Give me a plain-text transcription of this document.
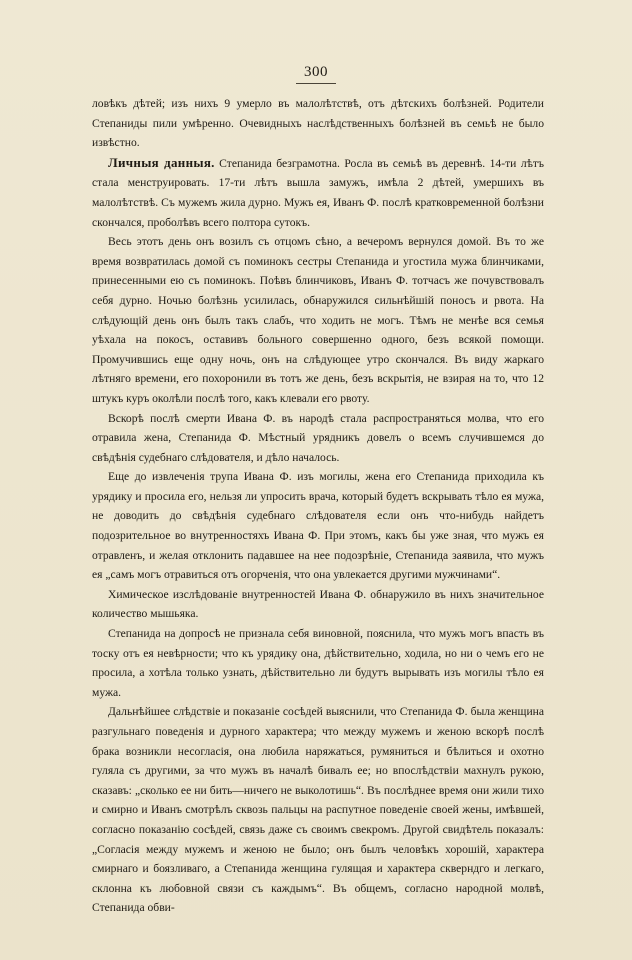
300

ловѣкъ дѣтей; изъ нихъ 9 умерло въ малолѣтствѣ, отъ дѣтскихъ болѣзней. Родители Степаниды пили умѣренно. Очевидныхъ наслѣдственныхъ болѣзней въ семьѣ не было извѣстно.

Личныя данныя. Степанида безграмотна. Росла въ семьѣ въ деревнѣ. 14-ти лѣтъ стала менструировать. 17-ти лѣтъ вышла замужъ, имѣла 2 дѣтей, умершихъ въ малолѣтствѣ. Съ мужемъ жила дурно. Мужъ ея, Иванъ Ф. послѣ кратковременной болѣзни скончался, проболѣвъ всего полтора сутокъ.

Весь этотъ день онъ возилъ съ отцомъ сѣно, а вечеромъ вернулся домой. Въ то же время возвратилась домой съ поминокъ сестры Степанида и угостила мужа блинчиками, принесенными ею съ поминокъ. Поѣвъ блинчиковъ, Иванъ Ф. тотчасъ же почувствовалъ себя дурно. Ночью болѣзнь усилилась, обнаружился сильнѣйшій поносъ и рвота. На слѣдующій день онъ былъ такъ слабъ, что ходить не могъ. Тѣмъ не менѣе вся семья уѣхала на покосъ, оставивъ больного совершенно одного, безъ всякой помощи. Промучившись еще одну ночь, онъ на слѣдующее утро скончался. Въ виду жаркаго лѣтняго времени, его похоронили въ тотъ же день, безъ вскрытія, не взирая на то, что 12 штукъ куръ околѣли послѣ того, какъ клевали его рвоту.

Вскорѣ послѣ смерти Ивана Ф. въ народѣ стала распространяться молва, что его отравила жена, Степанида Ф. Мѣстный урядникъ довелъ о всемъ случившемся до свѣдѣнія судебнаго слѣдователя, и дѣло началось.

Еще до извлеченія трупа Ивана Ф. изъ могилы, жена его Степанида приходила къ урядику и просила его, нельзя ли упросить врача, который будетъ вскрывать тѣло ея мужа, не доводить до свѣдѣнія судебнаго слѣдователя если онъ что-нибудь найдетъ подозрительное во внутренностяхъ Ивана Ф. При этомъ, какъ бы уже зная, что мужъ ея отравленъ, и желая отклонить падавшее на нее подозрѣніе, Степанида заявила, что мужъ ея „самъ могъ отравиться отъ огорченія, что она увлекается другими мужчинами“.

Химическое изслѣдованіе внутренностей Ивана Ф. обнаружило въ нихъ значительное количество мышьяка.

Степанида на допросѣ не признала себя виновной, пояснила, что мужъ могъ впасть въ тоску отъ ея невѣрности; что къ урядику она, дѣйствительно, ходила, но ни о чемъ его не просила, а хотѣла только узнать, дѣйствительно ли будутъ вырывать изъ могилы тѣло ея мужа.

Дальнѣйшее слѣдствіе и показаніе сосѣдей выяснили, что Степанида Ф. была женщина разгульнаго поведенія и дурного характера; что между мужемъ и женою вскорѣ послѣ брака возникли несогласія, она любила наряжаться, румяниться и бѣлиться и охотно гуляла съ другими, за что мужъ въ началѣ бивалъ ее; но впослѣдствіи махнулъ рукою, сказавъ: „сколько ее ни бить—ничего не выколотишь“. Въ послѣднее время они жили тихо и смирно и Иванъ смотрѣлъ сквозь пальцы на распутное поведеніе своей жены, имѣвшей, согласно показанію сосѣдей, связь даже съ своимъ свекромъ. Другой свидѣтель показалъ: „Согласія между мужемъ и женою не было; онъ былъ человѣкъ хорошій, характера смирнаго и боязливаго, а Степанида женщина гулящая и характера скверндго и легкаго, склонна къ любовной связи съ каждымъ“. Въ общемъ, согласно народной молвѣ, Степанида обви-
